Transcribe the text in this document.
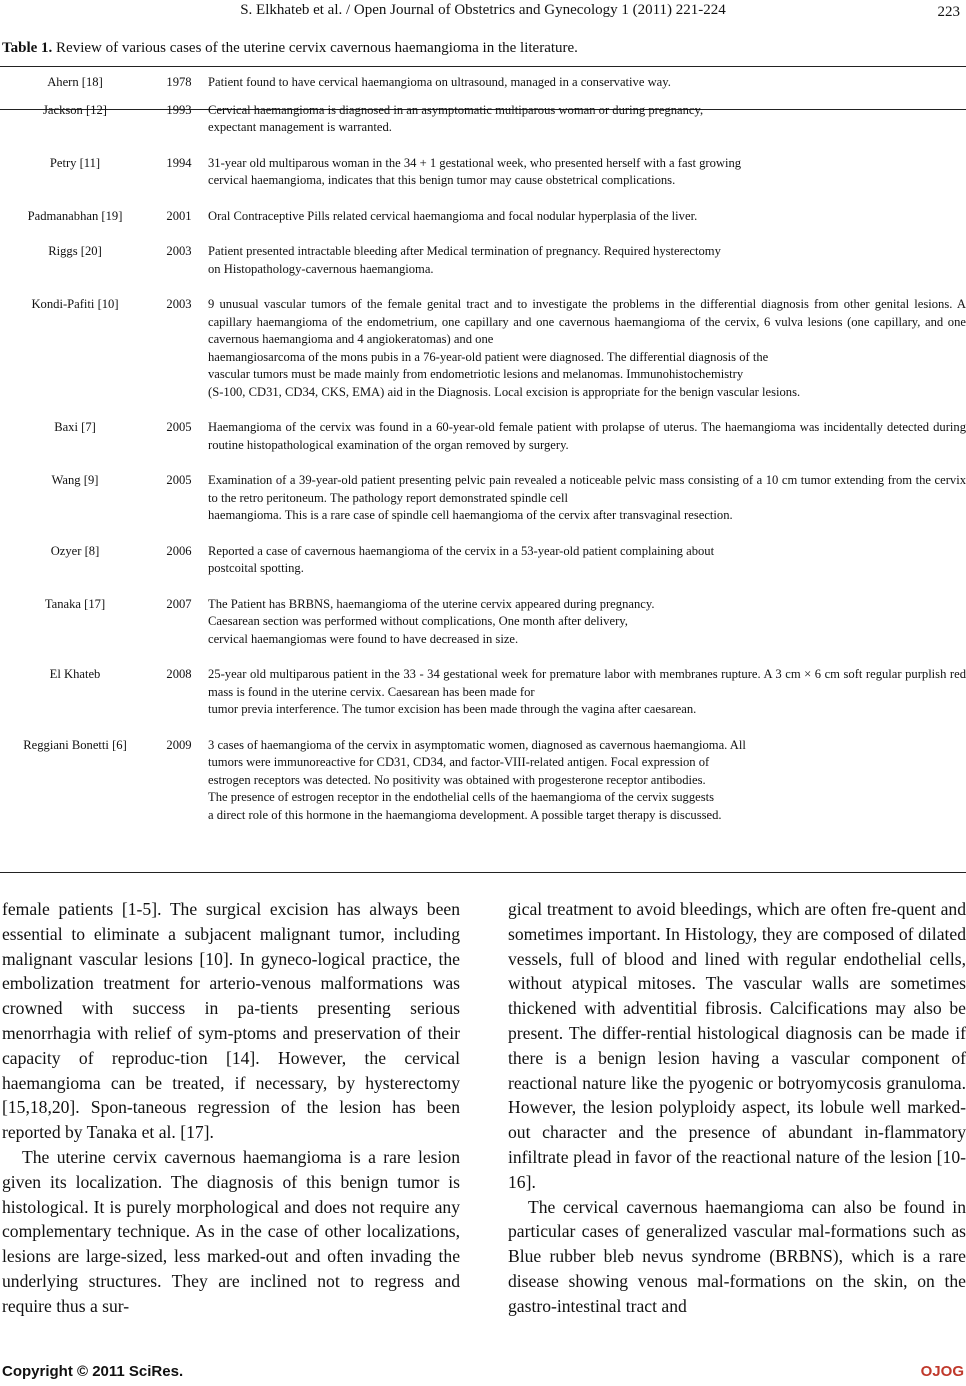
S. Elkhateb et al. / Open Journal of Obstetrics and Gynecology 1 (2011) 221-224	223
Table 1. Review of various cases of the uterine cervix cavernous haemangioma in the literature.
Ahern [18]	1978	Patient found to have cervical haemangioma on ultrasound, managed in a conservative way.
Jackson [12]	1993	Cervical haemangioma is diagnosed in an asymptomatic multiparous woman or during pregnancy,
expectant management is warranted.
Petry [11]	1994	31-year old multiparous woman in the 34 + 1 gestational week, who presented herself with a fast growing
cervical haemangioma, indicates that this benign tumor may cause obstetrical complications.
Padmanabhan [19]	2001	Oral Contraceptive Pills related cervical haemangioma and focal nodular hyperplasia of the liver.
Riggs [20]	2003	Patient presented intractable bleeding after Medical termination of pregnancy. Required hysterectomy
on Histopathology-cavernous haemangioma.
Kondi-Pafiti [10]	2003	9 unusual vascular tumors of the female genital tract and to investigate the problems in the differential diagnosis from other genital lesions. A capillary haemangioma of the endometrium, one capillary and one cavernous haemangioma of the cervix, 6 vulva lesions (one capillary, and one cavernous haemangioma and 4 angiokeratomas) and one
haemangiosarcoma of the mons pubis in a 76-year-old patient were diagnosed. The differential diagnosis of the
vascular tumors must be made mainly from endometriotic lesions and melanomas. Immunohistochemistry
(S-100, CD31, CD34, CKS, EMA) aid in the Diagnosis. Local excision is appropriate for the benign vascular lesions.
Baxi [7]	2005	Haemangioma of the cervix was found in a 60-year-old female patient with prolapse of uterus. The haemangioma was incidentally detected during routine histopathological examination of the organ removed by surgery.
Wang [9]	2005	Examination of a 39-year-old patient presenting pelvic pain revealed a noticeable pelvic mass consisting of a 10 cm tumor extending from the cervix to the retro peritoneum. The pathology report demonstrated spindle cell
haemangioma. This is a rare case of spindle cell haemangioma of the cervix after transvaginal resection.
Ozyer [8]	2006	Reported a case of cavernous haemangioma of the cervix in a 53-year-old patient complaining about
postcoital spotting.
Tanaka [17]	2007	The Patient has BRBNS, haemangioma of the uterine cervix appeared during pregnancy.
Caesarean section was performed without complications, One month after delivery,
cervical haemangiomas were found to have decreased in size.
El Khateb	2008	25-year old multiparous patient in the 33 - 34 gestational week for premature labor with membranes rupture. A 3 cm × 6 cm soft regular purplish red mass is found in the uterine cervix. Caesarean has been made for
tumor previa interference. The tumor excision has been made through the vagina after caesarean.
Reggiani Bonetti [6]	2009	3 cases of haemangioma of the cervix in asymptomatic women, diagnosed as cavernous haemangioma. All
tumors were immunoreactive for CD31, CD34, and factor-VIII-related antigen. Focal expression of
estrogen receptors was detected. No positivity was obtained with progesterone receptor antibodies.
The presence of estrogen receptor in the endothelial cells of the haemangioma of the cervix suggests
a direct role of this hormone in the haemangioma development. A possible target therapy is discussed.

female patients [1-5]. The surgical excision has always been essential to eliminate a subjacent malignant tumor, including malignant vascular lesions [10]. In gyneco-logical practice, the embolization treatment for arterio-venous malformations was crowned with success in pa-tients presenting serious menorrhagia with relief of sym-ptoms and preservation of their capacity of reproduc-tion [14]. However, the cervical haemangioma can be treated, if necessary, by hysterectomy [15,18,20]. Spon-taneous regression of the lesion has been reported by Tanaka et al. [17].

The uterine cervix cavernous haemangioma is a rare lesion given its localization. The diagnosis of this benign tumor is histological. It is purely morphological and does not require any complementary technique. As in the case of other localizations, lesions are large-sized, less marked-out and often invading the underlying structures. They are inclined not to regress and require thus a sur-

gical treatment to avoid bleedings, which are often fre-quent and sometimes important. In Histology, they are composed of dilated vessels, full of blood and lined with regular endothelial cells, without atypical mitoses. The vascular walls are sometimes thickened with adventitial fibrosis. Calcifications may also be present. The differ-rential histological diagnosis can be made if there is a benign lesion having a vascular component of reactional nature like the pyogenic or botryomycosis granuloma. However, the lesion polyploidy aspect, its lobule well marked-out character and the presence of abundant in-flammatory infiltrate plead in favor of the reactional nature of the lesion [10-16].

The cervical cavernous haemangioma can also be found in particular cases of generalized vascular mal-formations such as Blue rubber bleb nevus syndrome (BRBNS), which is a rare disease showing venous mal-formations on the skin, on the gastro-intestinal tract and

Copyright © 2011 SciRes.	OJOG
